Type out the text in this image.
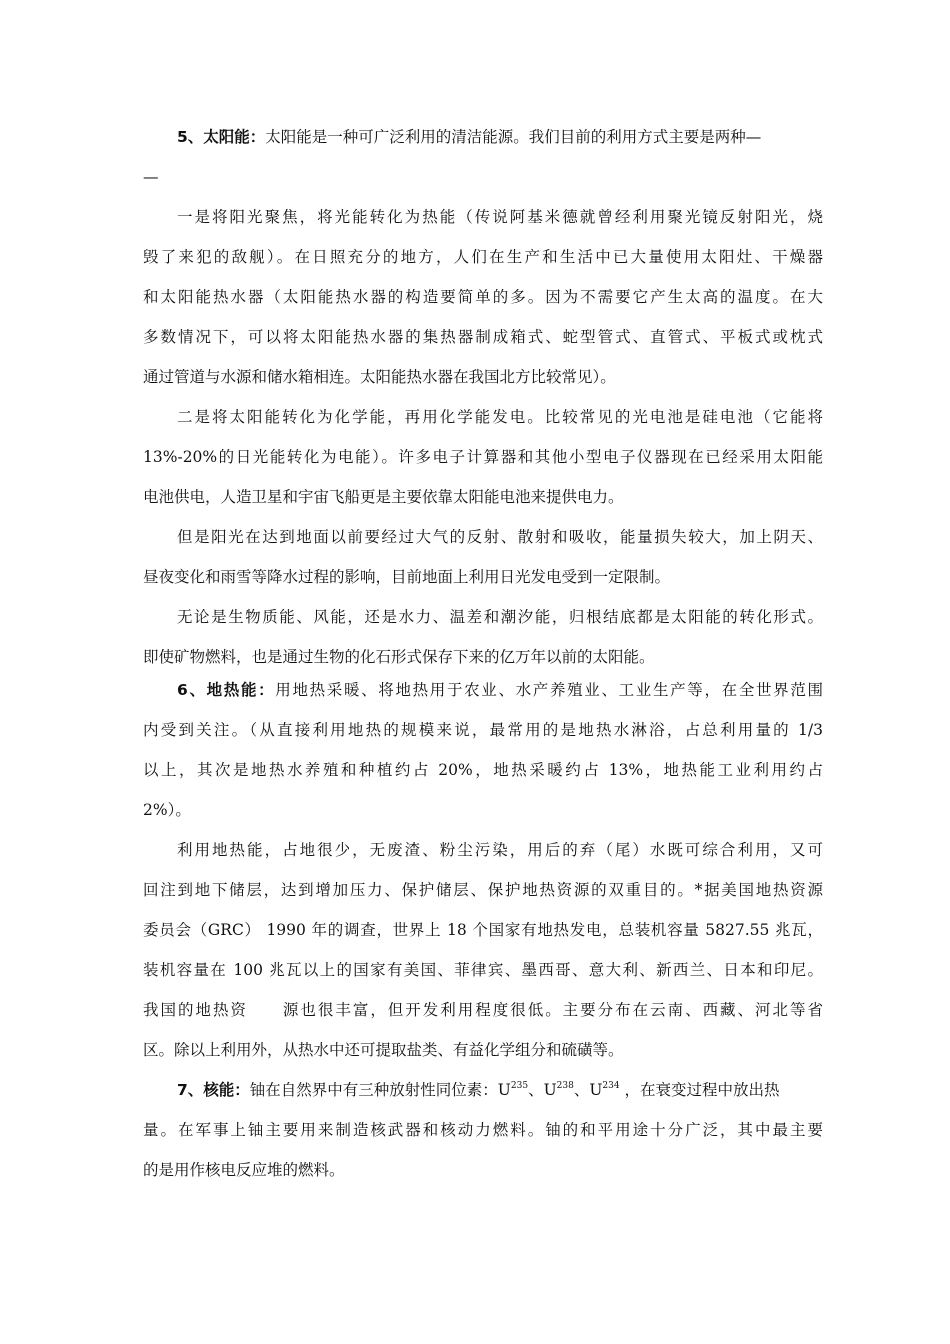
5、太阳能：太阳能是一种可广泛利用的清洁能源。我们目前的利用方式主要是两种—
—
一是将阳光聚焦，将光能转化为热能（传说阿基米德就曾经利用聚光镜反射阳光，烧
毁了来犯的敌舰）。在日照充分的地方，人们在生产和生活中已大量使用太阳灶、干燥器
和太阳能热水器（太阳能热水器的构造要简单的多。因为不需要它产生太高的温度。在大
多数情况下，可以将太阳能热水器的集热器制成箱式、蛇型管式、直管式、平板式或枕式
通过管道与水源和储水箱相连。太阳能热水器在我国北方比较常见）。
二是将太阳能转化为化学能，再用化学能发电。比较常见的光电池是硅电池（它能将
13%-20%的日光能转化为电能）。许多电子计算器和其他小型电子仪器现在已经采用太阳能
电池供电，人造卫星和宇宙飞船更是主要依靠太阳能电池来提供电力。
但是阳光在达到地面以前要经过大气的反射、散射和吸收，能量损失较大，加上阴天、
昼夜变化和雨雪等降水过程的影响，目前地面上利用日光发电受到一定限制。
无论是生物质能、风能，还是水力、温差和潮汐能，归根结底都是太阳能的转化形式。
即使矿物燃料，也是通过生物的化石形式保存下来的亿万年以前的太阳能。
6、地热能：用地热采暖、将地热用于农业、水产养殖业、工业生产等，在全世界范围
内受到关注。（从直接利用地热的规模来说，最常用的是地热水淋浴，占总利用量的 1/3
以上，其次是地热水养殖和种植约占 20%，地热采暖约占 13%，地热能工业利用约占
2%）。
利用地热能，占地很少，无废渣、粉尘污染，用后的弃（尾）水既可综合利用，又可
回注到地下储层，达到增加压力、保护储层、保护地热资源的双重目的。*据美国地热资源
委员会（GRC） 1990 年的调查，世界上 18 个国家有地热发电，总装机容量 5827.55 兆瓦，
装机容量在 100 兆瓦以上的国家有美国、菲律宾、墨西哥、意大利、新西兰、日本和印尼。
我国的地热资　　源也很丰富，但开发利用程度很低。主要分布在云南、西藏、河北等省
区。除以上利用外，从热水中还可提取盐类、有益化学组分和硫磺等。
7、核能：铀在自然界中有三种放射性同位素：$U^{235}$、$U^{238}$、$U^{234}$ ，在衰变过程中放出热
量。在军事上铀主要用来制造核武器和核动力燃料。铀的和平用途十分广泛，其中最主要
的是用作核电反应堆的燃料。
